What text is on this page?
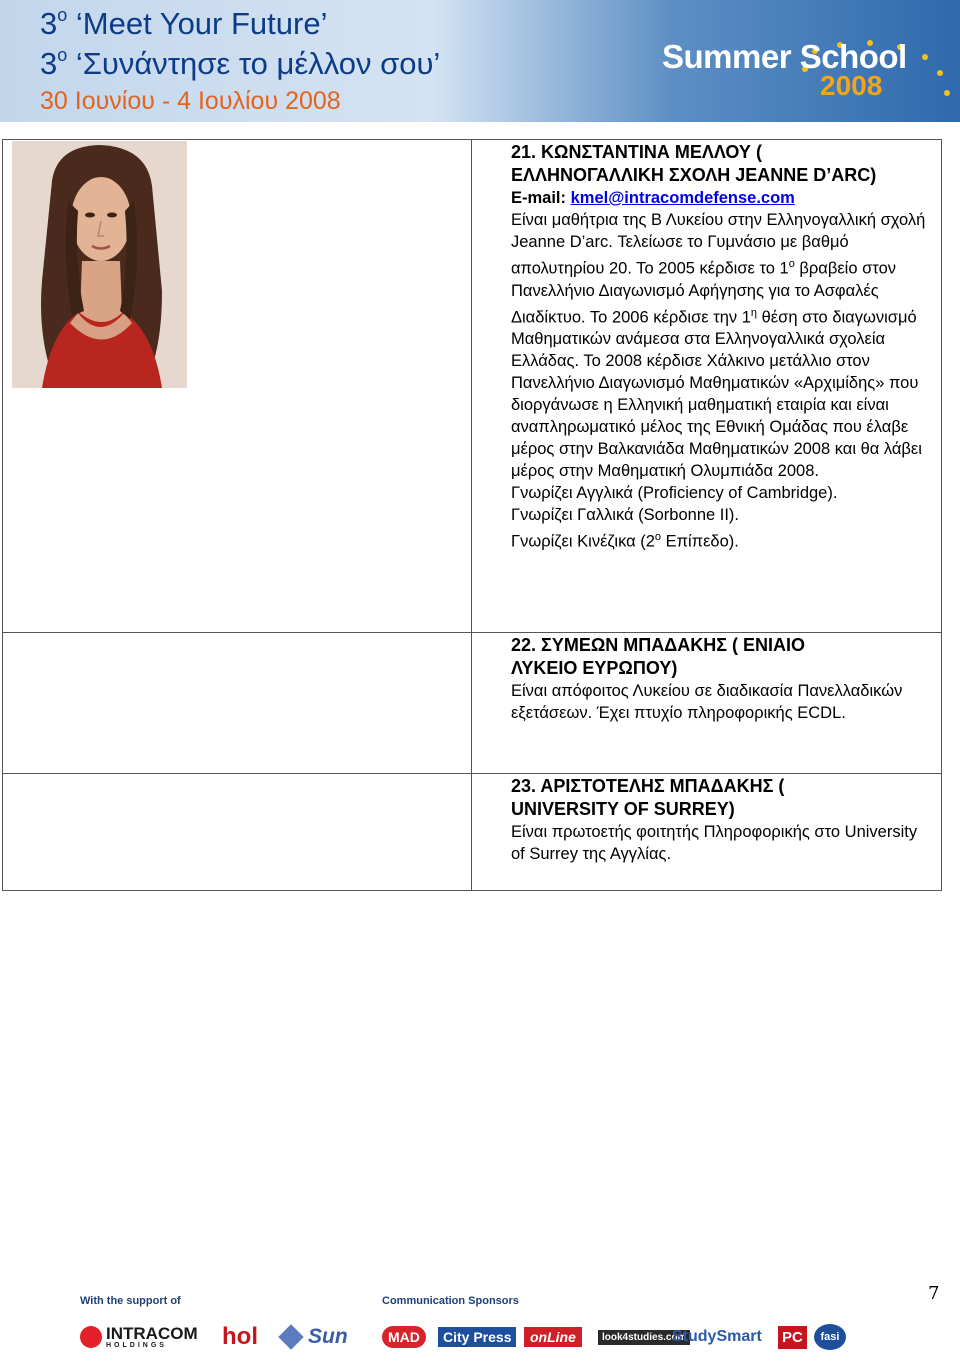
$3^o$ ‘Meet Your Future’
$3^o$ ‘Συνάντησε το μέλλον σου’
30 Ιουνίου - 4 Ιουλίου 2008
Summer School
2008
21. ΚΩΝΣΤΑΝΤΙΝΑ ΜΕΛΛΟΥ (
ΕΛΛΗΝΟΓΑΛΛΙΚΗ ΣΧΟΛΗ JEANNE D’ARC)
E-mail: kmel@intracomdefense.com

Είναι μαθήτρια της Β Λυκείου στην Ελληνογαλλική σχολή Jeanne D’arc. Τελείωσε το Γυμνάσιο με βαθμό απολυτηρίου 20. Το 2005 κέρδισε το $1^o$ βραβείο στον Πανελλήνιο Διαγωνισμό Αφήγησης για το Ασφαλές Διαδίκτυο. Το 2006 κέρδισε την $1^\eta$ θέση στο διαγωνισμό Μαθηματικών ανάμεσα στα Ελληνογαλλικά σχολεία Ελλάδας. Το 2008 κέρδισε Χάλκινο μετάλλιο στον Πανελλήνιο Διαγωνισμό Μαθηματικών «Αρχιμίδης» που διοργάνωσε η Ελληνική μαθηματική εταιρία και είναι αναπληρωματικό μέλος της Εθνική Ομάδας που έλαβε μέρος στην Βαλκανιάδα Μαθηματικών 2008 και θα λάβει μέρος στην Μαθηματική Ολυμπιάδα 2008.

Γνωρίζει Αγγλικά (Proficiency of Cambridge).
Γνωρίζει Γαλλικά (Sorbonne II).
Γνωρίζει Κινέζικα ($2^o$ Επίπεδο).
22. ΣΥΜΕΩΝ ΜΠΑΔΑΚΗΣ ( ΕΝΙΑΙΟ
ΛΥΚΕΙΟ ΕΥΡΩΠΟΥ)

Είναι απόφοιτος Λυκείου σε διαδικασία Πανελλαδικών εξετάσεων. Έχει πτυχίο πληροφορικής ECDL.

23. ΑΡΙΣΤΟΤΕΛΗΣ ΜΠΑΔΑΚΗΣ (
UNIVERSITY OF SURREY)

Είναι πρωτοετής φοιτητής Πληροφορικής στο University of Surrey της Αγγλίας.

7
With the support of	Communication Sponsors
INTRACOM
HOLDINGS	hol Sun	MAD	City Press	onLine	look4studies.com
StudySmart PC	fasi
